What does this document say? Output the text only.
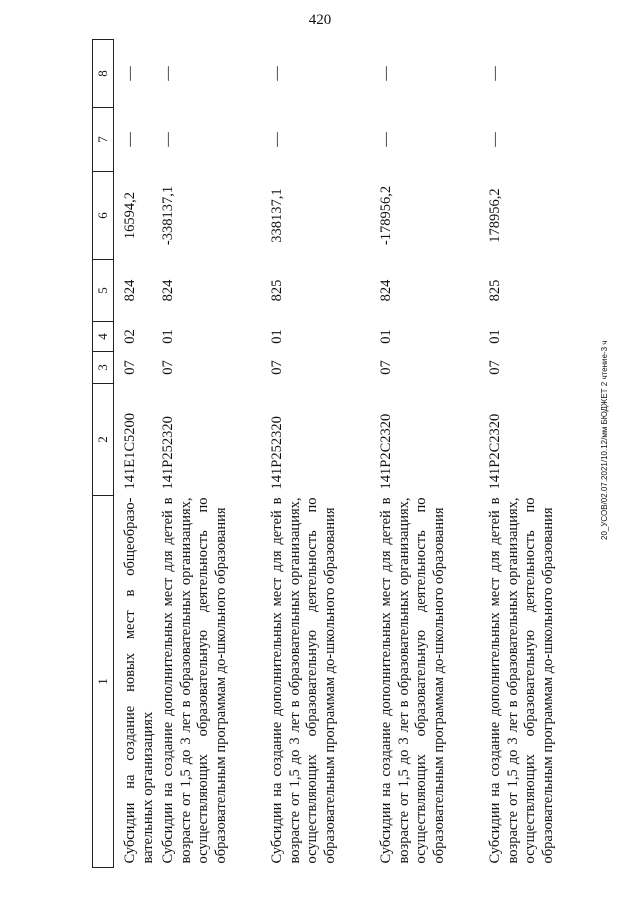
420
1	2	3	4	5	6	7	8

Субсидии на создание новых мест в общеобразо-вательных организациях	141E1C5200	07	02	824	16594,2	—	—
Субсидии на создание дополнительных мест для детей в возрасте от 1,5 до 3 лет в образовательных организациях, осуществляющих образовательную деятельность по образовательным программам до-школьного образования	141P252320	07	01	824	-338137,1	—	—
Субсидии на создание дополнительных мест для детей в возрасте от 1,5 до 3 лет в образовательных организациях, осуществляющих образовательную деятельность по образовательным программам до-школьного образования	141P252320	07	01	825	338137,1	—	—
Субсидии на создание дополнительных мест для детей в возрасте от 1,5 до 3 лет в образовательных организациях, осуществляющих образовательную деятельность по образовательным программам до-школьного образования	141P2C2320	07	01	824	-178956,2	—	—
Субсидии на создание дополнительных мест для детей в возрасте от 1,5 до 3 лет в образовательных организациях, осуществляющих образовательную деятельность по образовательным программам до-школьного образования	141P2C2320	07	01	825	178956,2	—	—
20_УСОВ/02.07.2021/10.12/мм БЮДЖЕТ 2 чтение-3 ч
